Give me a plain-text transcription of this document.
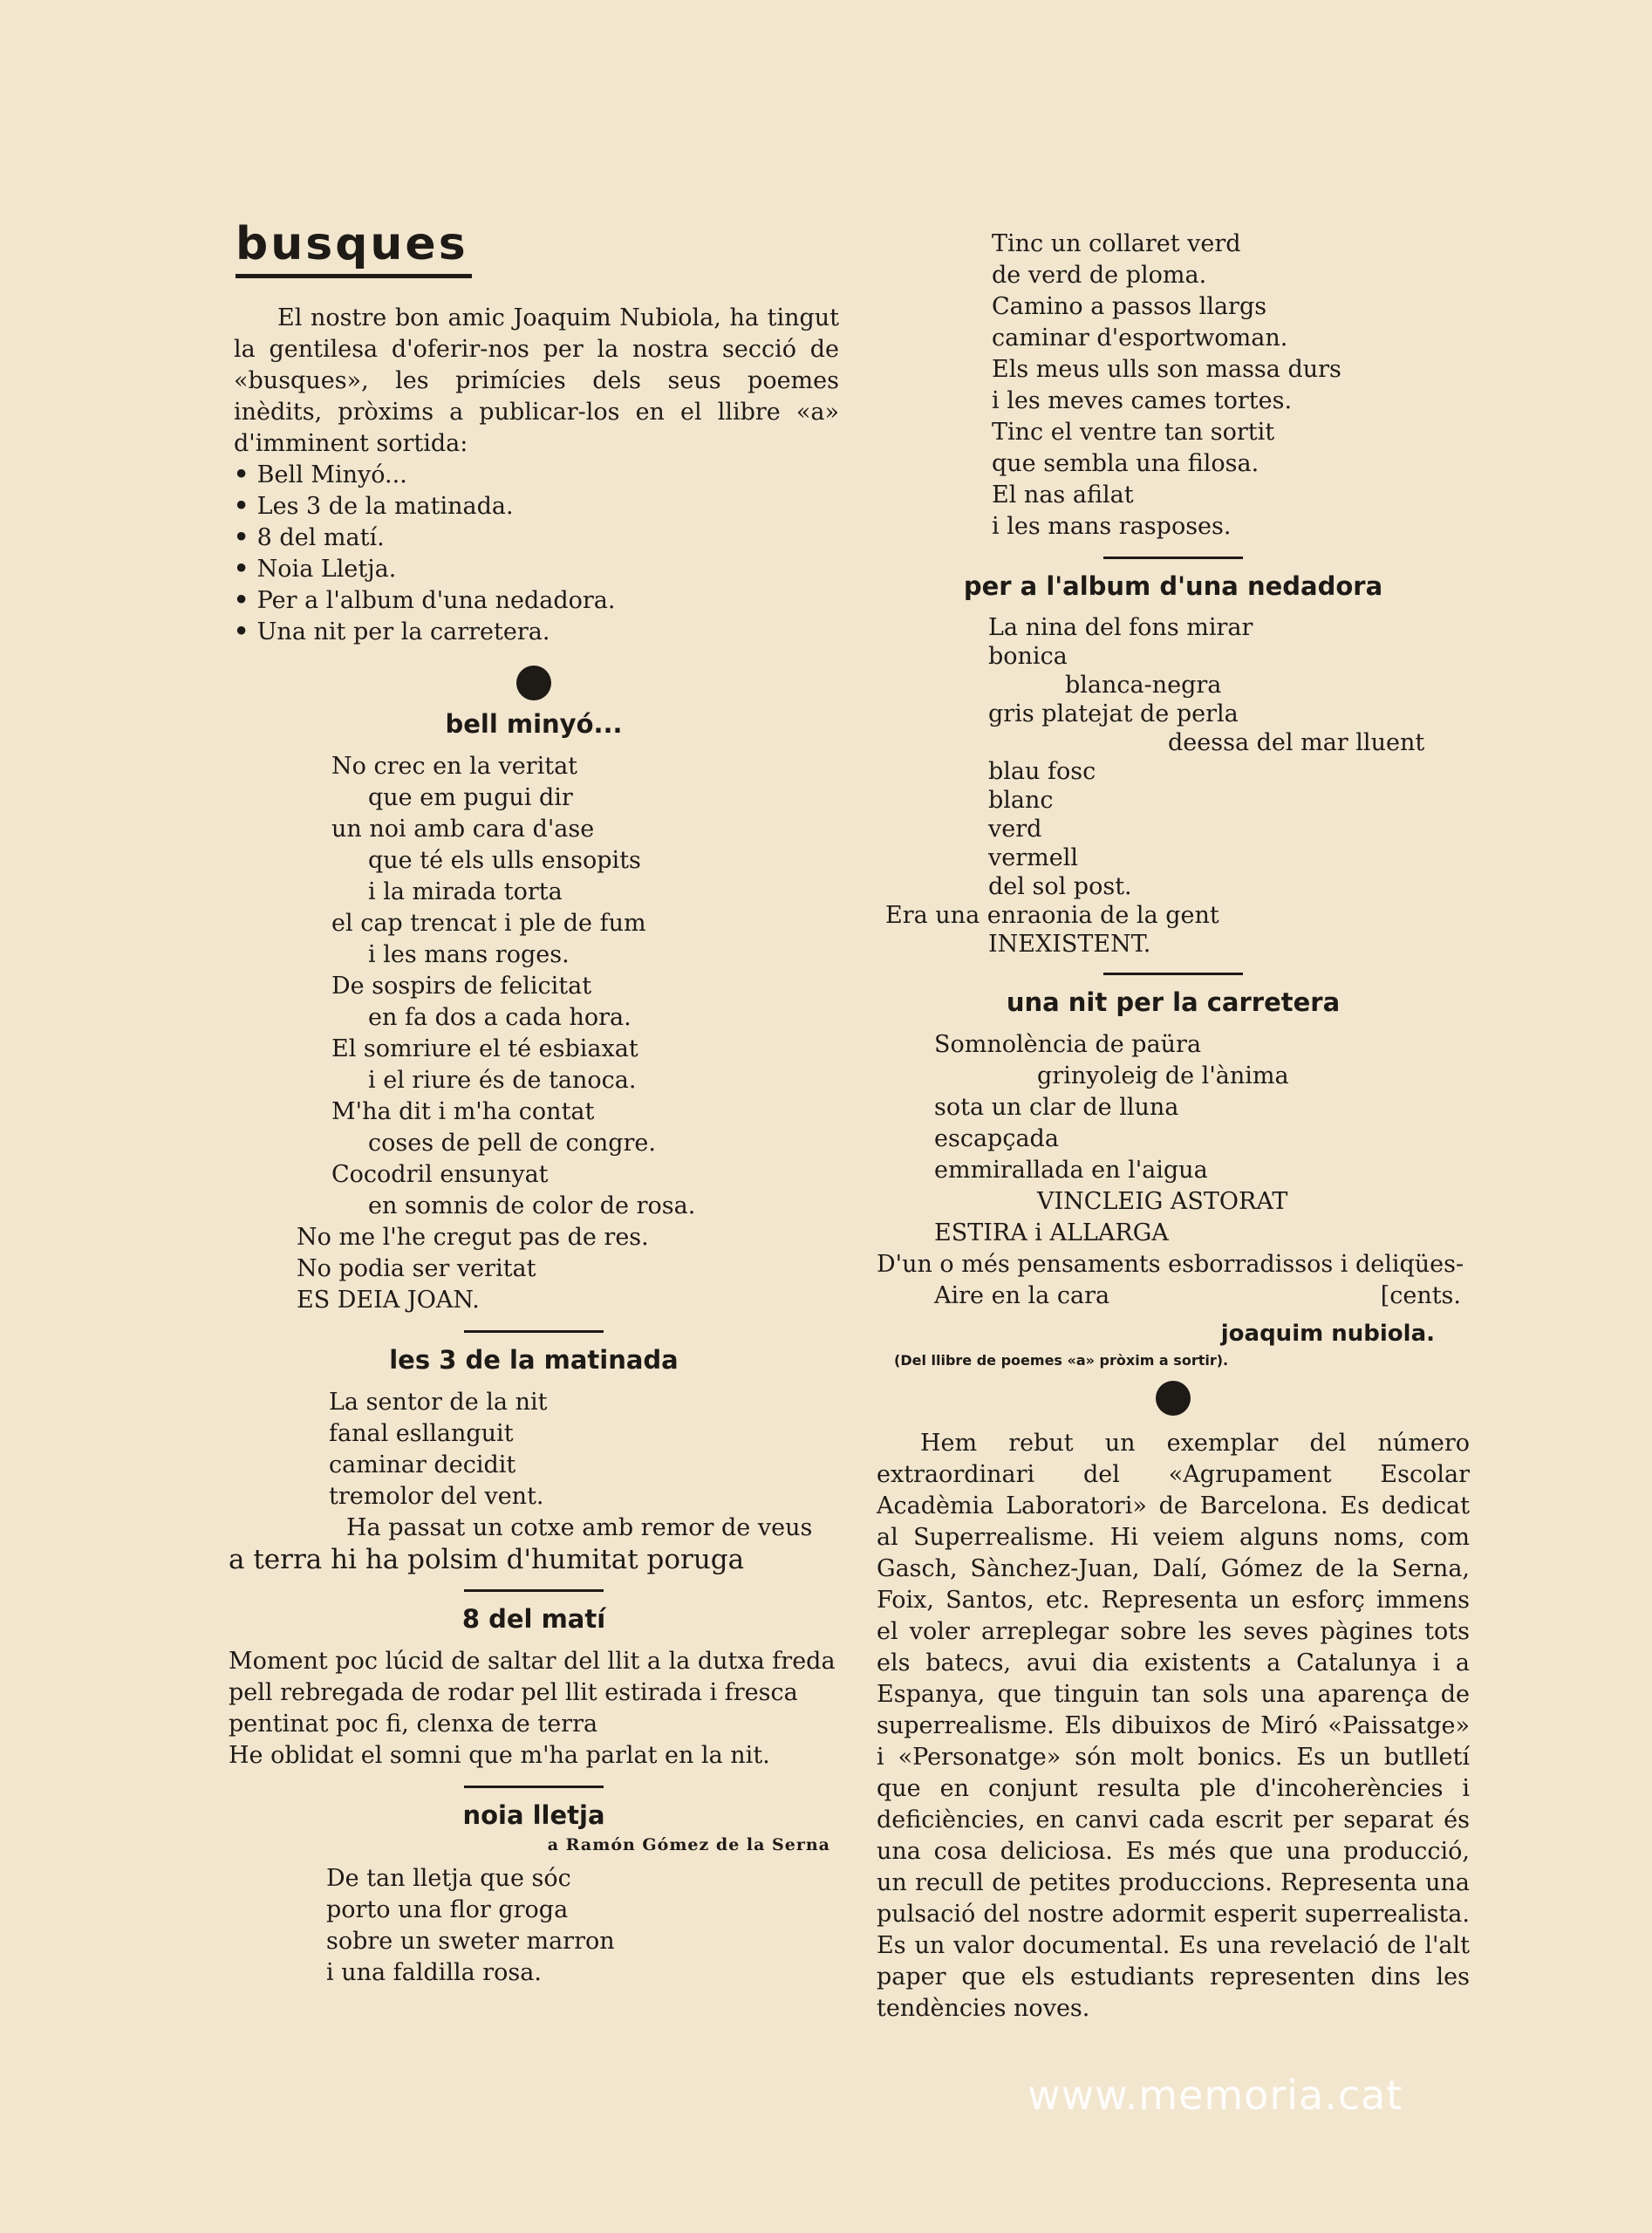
busques
El nostre bon amic Joaquim Nubiola, ha tingut la gentilesa d'oferir-nos per la nostra secció de «busques», les primícies dels seus poemes inèdits, pròxims a publicar-los en el llibre «a» d'imminent sortida:
• Bell Minyó...
• Les 3 de la matinada.
• 8 del matí.
• Noia Lletja.
• Per a l'album d'una nedadora.
• Una nit per la carretera.
bell minyó...
No crec en la veritat
que em pugui dir
un noi amb cara d'ase
que té els ulls ensopits
i la mirada torta
el cap trencat i ple de fum
i les mans roges.
De sospirs de felicitat
en fa dos a cada hora.
El somriure el té esbiaxat
i el riure és de tanoca.
M'ha dit i m'ha contat
coses de pell de congre.
Cocodril ensunyat
en somnis de color de rosa.
No me l'he cregut pas de res.
No podia ser veritat
ES DEIA JOAN.
les 3 de la matinada
La sentor de la nit
fanal esllanguit
caminar decidit
tremolor del vent.
Ha passat un cotxe amb remor de veus
a terra hi ha polsim d'humitat poruga
8 del matí
Moment poc lúcid de saltar del llit a la dutxa freda
pell rebregada de rodar pel llit estirada i fresca
pentinat poc fi, clenxa de terra
He oblidat el somni que m'ha parlat en la nit.
noia lletja
a Ramón Gómez de la Serna
De tan lletja que sóc
porto una flor groga
sobre un sweter marron
i una faldilla rosa.
Tinc un collaret verd
de verd de ploma.
Camino a passos llargs
caminar d'esportwoman.
Els meus ulls son massa durs
i les meves cames tortes.
Tinc el ventre tan sortit
que sembla una filosa.
El nas afilat
i les mans rasposes.
per a l'album d'una nedadora
La nina del fons mirar
bonica
blanca-negra
gris platejat de perla
deessa del mar lluent
blau fosc
blanc
verd
vermell
del sol post.
Era una enraonia de la gent
INEXISTENT.
una nit per la carretera
Somnolència de paüra
grinyoleig de l'ànima
sota un clar de lluna
escapçada
emmirallada en l'aigua
VINCLEIG ASTORAT
ESTIRA i ALLARGA
D'un o més pensaments esborradissos i deliqües-
Aire en la cara	[cents.
joaquim nubiola.
(Del llibre de poemes «a» pròxim a sortir).
Hem rebut un exemplar del número extraordinari del «Agrupament Escolar Acadèmia Laboratori» de Barcelona. Es dedicat al Superrealisme. Hi veiem alguns noms, com Gasch, Sànchez-Juan, Dalí, Gómez de la Serna, Foix, Santos, etc. Representa un esforç immens el voler arreplegar sobre les seves pàgines tots els batecs, avui dia existents a Catalunya i a Espanya, que tinguin tan sols una aparença de superrealisme. Els dibuixos de Miró «Paissatge» i «Personatge» són molt bonics. Es un butlletí que en conjunt resulta ple d'incoherències i deficiències, en canvi cada escrit per separat és una cosa deliciosa. Es més que una producció, un recull de petites produccions. Representa una pulsació del nostre adormit esperit superrealista. Es un valor documental. Es una revelació de l'alt paper que els estudiants representen dins les tendències noves.
www.memoria.cat
